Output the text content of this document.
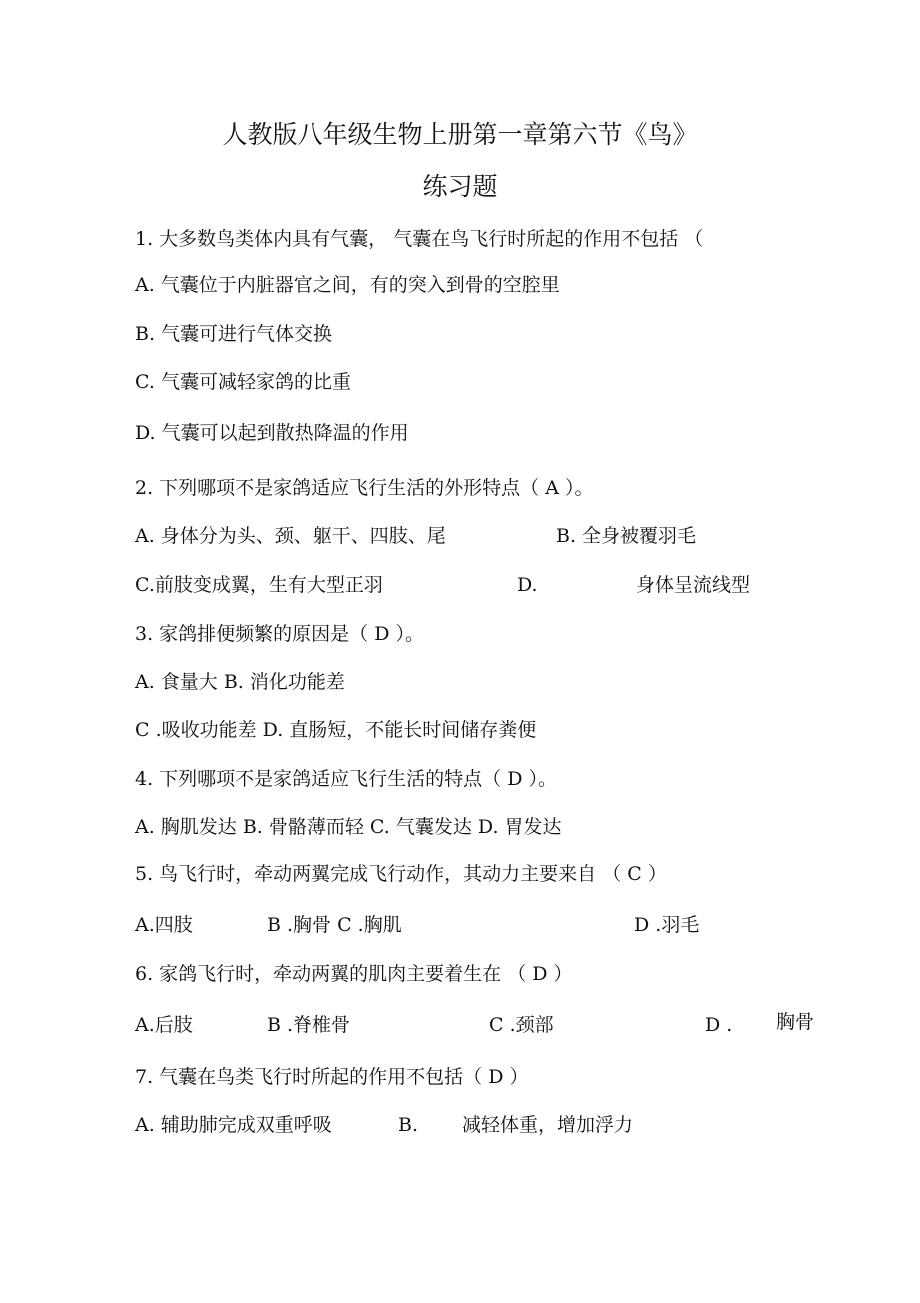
人教版八年级生物上册第一章第六节《鸟》
练习题
1. 大多数鸟类体内具有气囊， 气囊在鸟飞行时所起的作用不包括 （
A. 气囊位于内脏器官之间，有的突入到骨的空腔里
B. 气囊可进行气体交换
C. 气囊可减轻家鸽的比重
D. 气囊可以起到散热降温的作用
2. 下列哪项不是家鸽适应飞行生活的外形特点（ A ）。
A. 身体分为头、颈、躯干、四肢、尾	B. 全身被覆羽毛
C.前肢变成翼，生有大型正羽	D.	身体呈流线型
3. 家鸽排便频繁的原因是（ D ）。
A. 食量大 B. 消化功能差
C .吸收功能差 D. 直肠短，不能长时间储存粪便
4. 下列哪项不是家鸽适应飞行生活的特点（ D ）。
A. 胸肌发达 B. 骨骼薄而轻 C. 气囊发达 D. 胃发达
5. 鸟飞行时，牵动两翼完成飞行动作，其动力主要来自 （ C ）
A.四肢	B .胸骨 C .胸肌	D .羽毛
6. 家鸽飞行时，牵动两翼的肌肉主要着生在 （ D ）
A.后肢	B .脊椎骨	C .颈部	D . 胸骨
7. 气囊在鸟类飞行时所起的作用不包括（ D ）
A. 辅助肺完成双重呼吸	B. 减轻体重，增加浮力
